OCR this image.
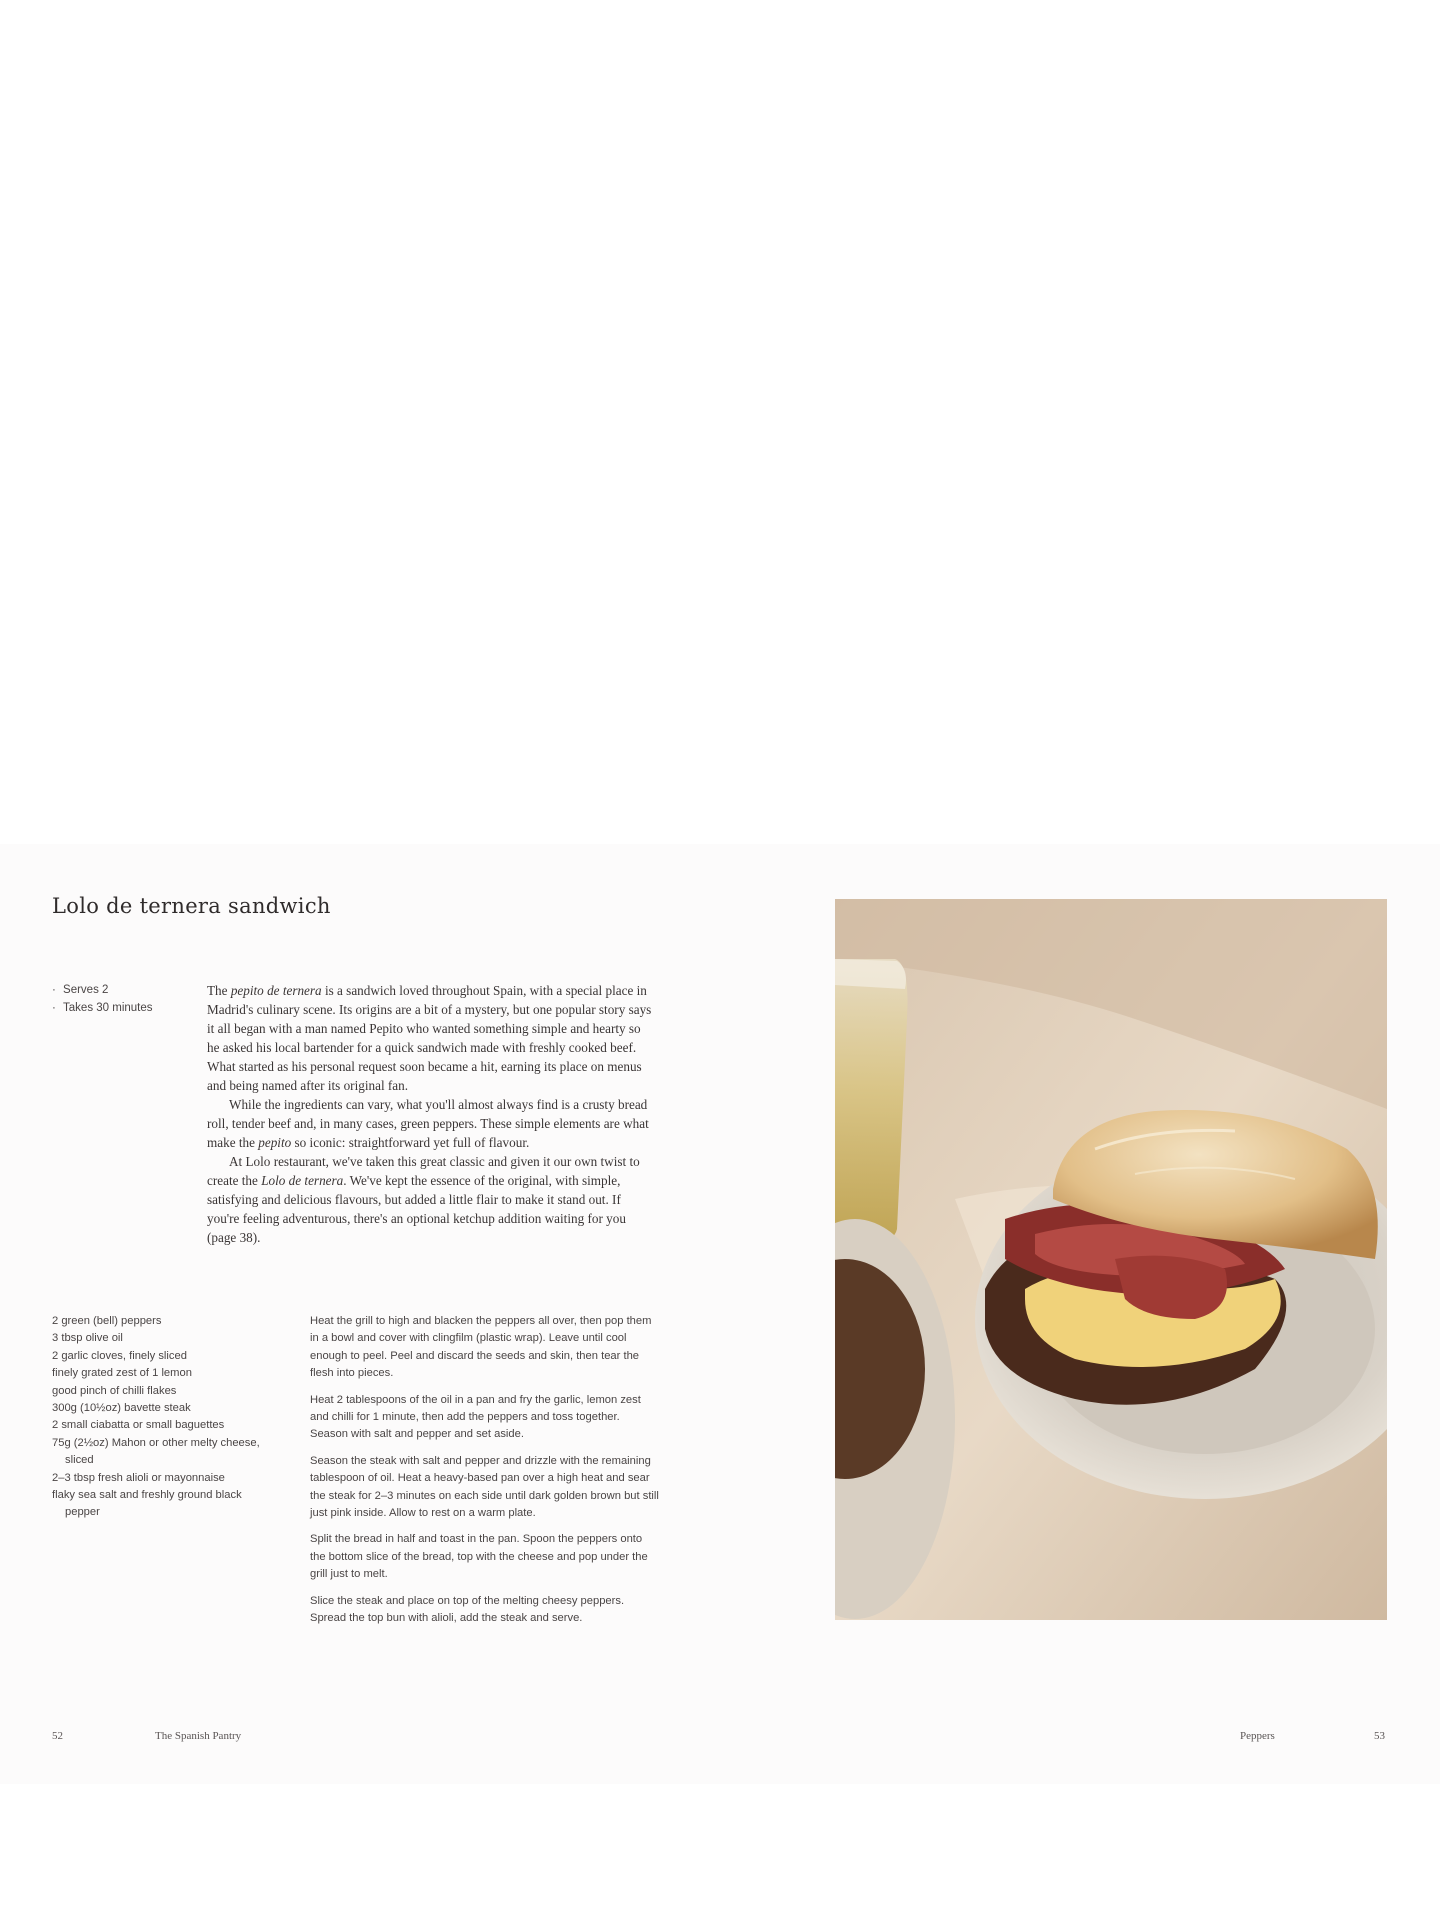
Lolo de ternera sandwich
· Serves 2
· Takes 30 minutes

The pepito de ternera is a sandwich loved throughout Spain, with a special place in Madrid's culinary scene. Its origins are a bit of a mystery, but one popular story says it all began with a man named Pepito who wanted something simple and hearty so he asked his local bartender for a quick sandwich made with freshly cooked beef. What started as his personal request soon became a hit, earning its place on menus and being named after its original fan.

While the ingredients can vary, what you'll almost always find is a crusty bread roll, tender beef and, in many cases, green peppers. These simple elements are what make the pepito so iconic: straightforward yet full of flavour.

At Lolo restaurant, we've taken this great classic and given it our own twist to create the Lolo de ternera. We've kept the essence of the original, with simple, satisfying and delicious flavours, but added a little flair to make it stand out. If you're feeling adventurous, there's an optional ketchup addition waiting for you (page 38).

2 green (bell) peppers
3 tbsp olive oil
2 garlic cloves, finely sliced
finely grated zest of 1 lemon
good pinch of chilli flakes
300g (10½oz) bavette steak
2 small ciabatta or small baguettes
75g (2½oz) Mahon or other melty cheese, sliced
2–3 tbsp fresh alioli or mayonnaise
flaky sea salt and freshly ground black pepper

Heat the grill to high and blacken the peppers all over, then pop them in a bowl and cover with clingfilm (plastic wrap). Leave until cool enough to peel. Peel and discard the seeds and skin, then tear the flesh into pieces.

Heat 2 tablespoons of the oil in a pan and fry the garlic, lemon zest and chilli for 1 minute, then add the peppers and toss together. Season with salt and pepper and set aside.

Season the steak with salt and pepper and drizzle with the remaining tablespoon of oil. Heat a heavy-based pan over a high heat and sear the steak for 2–3 minutes on each side until dark golden brown but still just pink inside. Allow to rest on a warm plate.

Split the bread in half and toast in the pan. Spoon the peppers onto the bottom slice of the bread, top with the cheese and pop under the grill just to melt.

Slice the steak and place on top of the melting cheesy peppers. Spread the top bun with alioli, add the steak and serve.

52	The Spanish Pantry	Peppers	53
